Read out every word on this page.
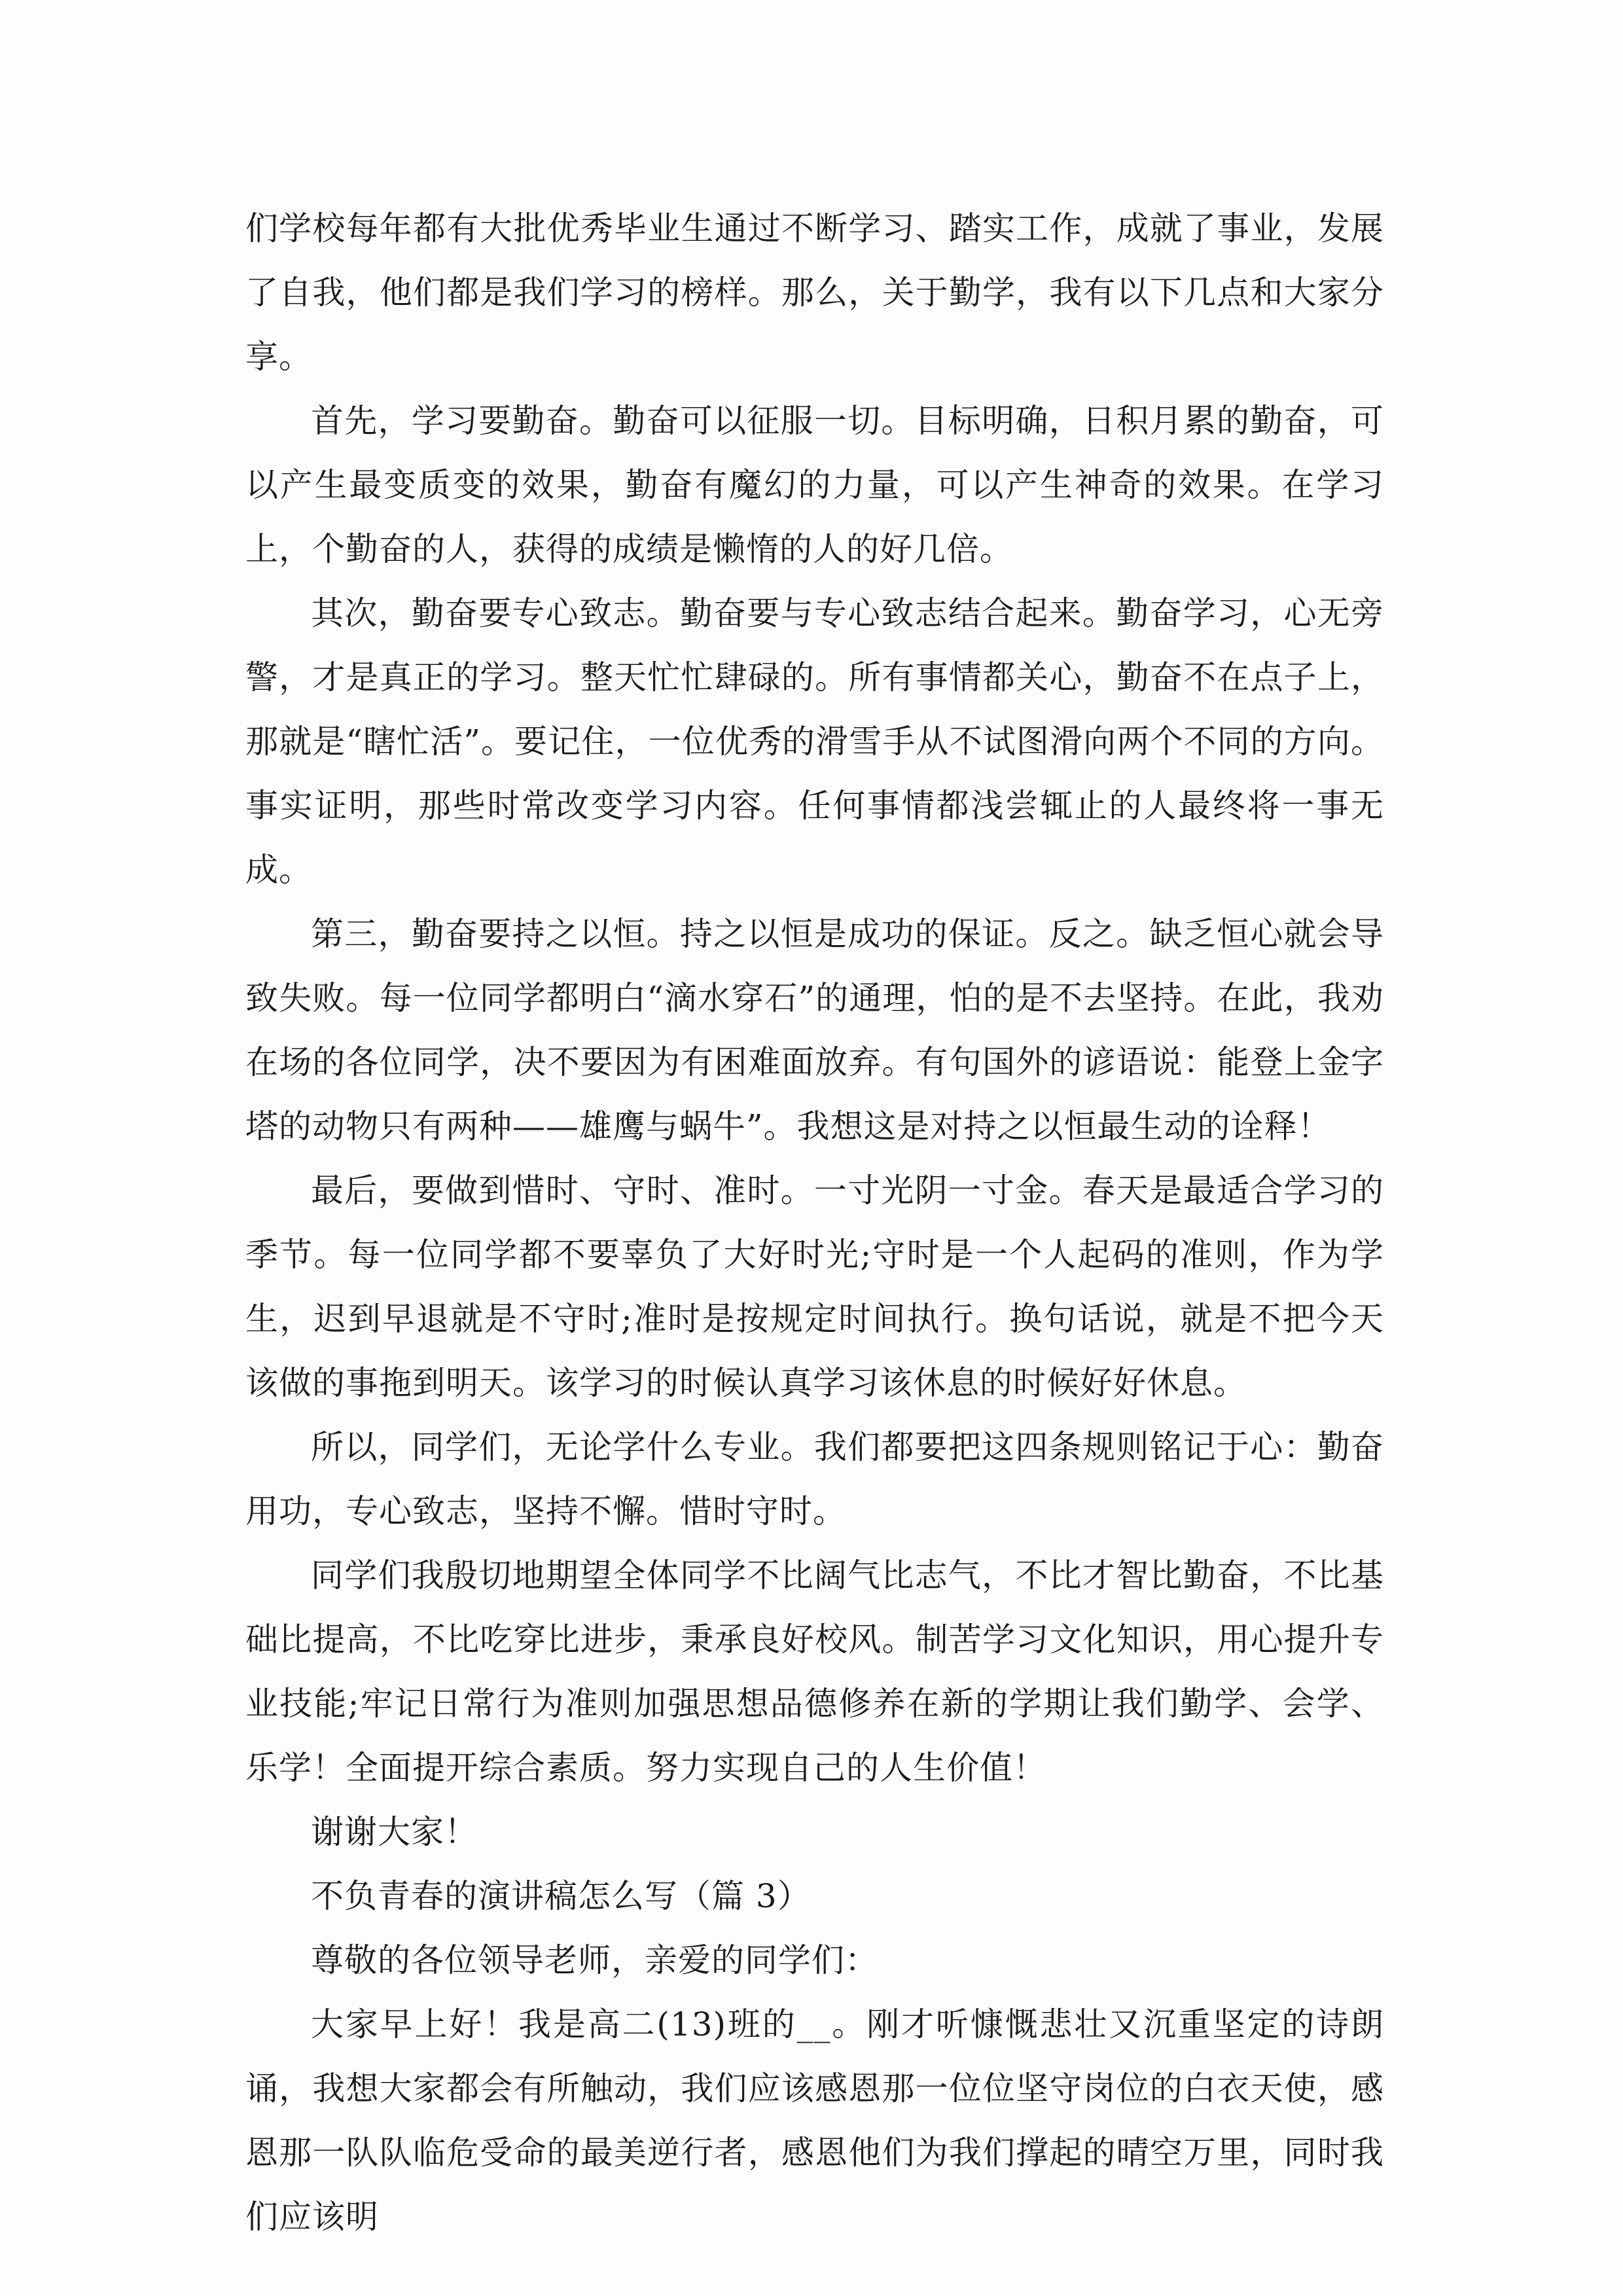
们学校每年都有大批优秀毕业生通过不断学习、踏实工作，成就了事业，发展了自我，他们都是我们学习的榜样。那么，关于勤学，我有以下几点和大家分享。

首先，学习要勤奋。勤奋可以征服一切。目标明确，日积月累的勤奋，可以产生最变质变的效果，勤奋有魔幻的力量，可以产生神奇的效果。在学习上，个勤奋的人，获得的成绩是懒惰的人的好几倍。

其次，勤奋要专心致志。勤奋要与专心致志结合起来。勤奋学习，心无旁警，才是真正的学习。整天忙忙肆碌的。所有事情都关心，勤奋不在点子上，那就是“瞎忙活”。要记住，一位优秀的滑雪手从不试图滑向两个不同的方向。事实证明，那些时常改变学习内容。任何事情都浅尝辄止的人最终将一事无成。

第三，勤奋要持之以恒。持之以恒是成功的保证。反之。缺乏恒心就会导致失败。每一位同学都明白“滴水穿石”的通理，怕的是不去坚持。在此，我劝在场的各位同学，决不要因为有困难面放弃。有句国外的谚语说：能登上金字塔的动物只有两种——雄鹰与蜗牛”。我想这是对持之以恒最生动的诠释！

最后，要做到惜时、守时、准时。一寸光阴一寸金。春天是最适合学习的季节。每一位同学都不要辜负了大好时光;守时是一个人起码的准则，作为学生，迟到早退就是不守时;准时是按规定时间执行。换句话说，就是不把今天该做的事拖到明天。该学习的时候认真学习该休息的时候好好休息。

所以，同学们，无论学什么专业。我们都要把这四条规则铭记于心：勤奋用功，专心致志，坚持不懈。惜时守时。

同学们我殷切地期望全体同学不比阔气比志气，不比才智比勤奋，不比基础比提高，不比吃穿比进步，秉承良好校风。制苦学习文化知识，用心提升专业技能;牢记日常行为准则加强思想品德修养在新的学期让我们勤学、会学、乐学！全面提开综合素质。努力实现自己的人生价值！

谢谢大家！

不负青春的演讲稿怎么写（篇 3）

尊敬的各位领导老师，亲爱的同学们：

大家早上好！我是高二(13)班的__。刚才听慷慨悲壮又沉重坚定的诗朗诵，我想大家都会有所触动，我们应该感恩那一位位坚守岗位的白衣天使，感恩那一队队临危受命的最美逆行者，感恩他们为我们撑起的晴空万里，同时我们应该明
